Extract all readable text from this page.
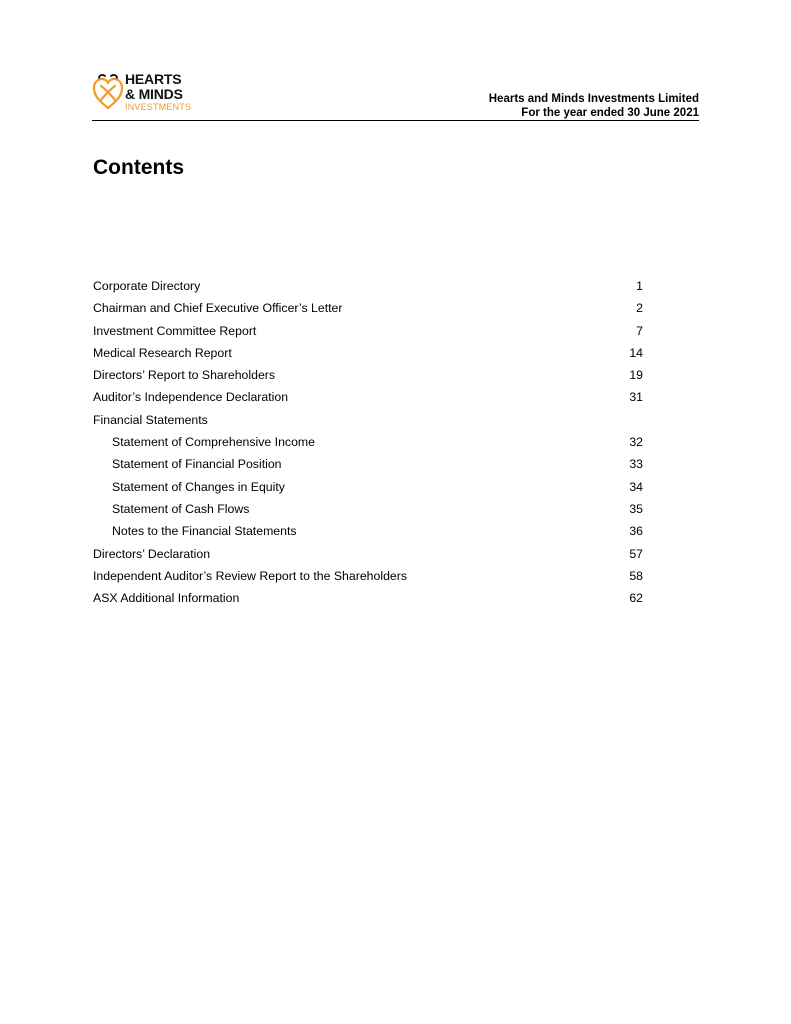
HEARTS
& MINDS
INVESTMENTS
Hearts and Minds Investments Limited
For the year ended 30 June 2021
Contents
Corporate Directory	1
Chairman and Chief Executive Officer’s Letter	2
Investment Committee Report	7
Medical Research Report	14
Directors’ Report to Shareholders	19
Auditor’s Independence Declaration	31
Financial Statements
Statement of Comprehensive Income	32
Statement of Financial Position	33
Statement of Changes in Equity	34
Statement of Cash Flows	35
Notes to the Financial Statements	36
Directors’ Declaration	57
Independent Auditor’s Review Report to the Shareholders	58
ASX Additional Information	62
